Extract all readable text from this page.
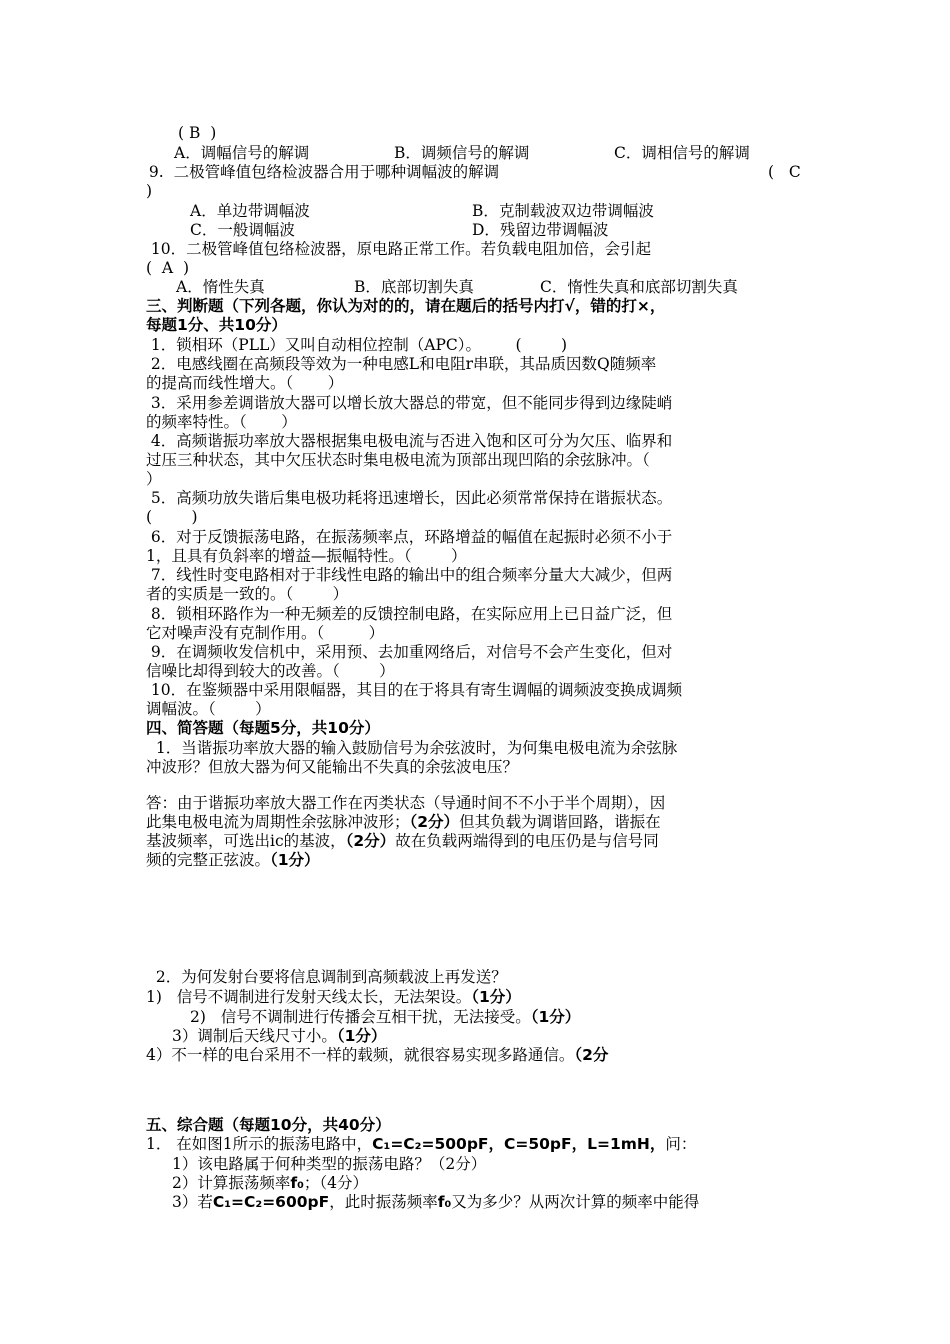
( B  )
A．调幅信号的解调	B．调频信号的解调	C．调相信号的解调
9.  二极管峰值包络检波器合用于哪种调幅波的解调	(   C
)
A．单边带调幅波	B．克制载波双边带调幅波
C．一般调幅波	D．残留边带调幅波
10．二极管峰值包络检波器，原电路正常工作。若负载电阻加倍，会引起
(  A  )
A．惰性失真	B．底部切割失真	C．惰性失真和底部切割失真
三、判断题（下列各题，你认为对的的，请在题后的括号内打√，错的打×，
每题1分、共10分）
1．锁相环（PLL）又叫自动相位控制（APC）。       (        )
2．电感线圈在高频段等效为一种电感L和电阻r串联，其品质因数Q随频率
的提高而线性增大。（       ）
3．采用参差调谐放大器可以增长放大器总的带宽，但不能同步得到边缘陡峭
的频率特性。（       ）
4．高频谐振功率放大器根据集电极电流与否进入饱和区可分为欠压、临界和
过压三种状态，其中欠压状态时集电极电流为顶部出现凹陷的余弦脉冲。（
）
5．高频功放失谐后集电极功耗将迅速增长，因此必须常常保持在谐振状态。
(        )
6．对于反馈振荡电路，在振荡频率点，环路增益的幅值在起振时必须不小于
1，且具有负斜率的增益—振幅特性。（        ）
7．线性时变电路相对于非线性电路的输出中的组合频率分量大大减少，但两
者的实质是一致的。（        ）
8．锁相环路作为一种无频差的反馈控制电路，在实际应用上已日益广泛，但
它对噪声没有克制作用。（         ）
9．在调频收发信机中，采用预、去加重网络后，对信号不会产生变化，但对
信噪比却得到较大的改善。（        ）
10．在鉴频器中采用限幅器，其目的在于将具有寄生调幅的调频波变换成调频
调幅波。（        ）
四、简答题（每题5分，共10分）
1．当谐振功率放大器的输入鼓励信号为余弦波时，为何集电极电流为余弦脉
冲波形？但放大器为何又能输出不失真的余弦波电压？
答：由于谐振功率放大器工作在丙类状态（导通时间不不小于半个周期），因
此集电极电流为周期性余弦脉冲波形；（2分）但其负载为调谐回路，谐振在
基波频率，可选出ic的基波，（2分）故在负载两端得到的电压仍是与信号同
频的完整正弦波。（1分）
2．为何发射台要将信息调制到高频载波上再发送？
1)   信号不调制进行发射天线太长，无法架设。（1分）
2)   信号不调制进行传播会互相干扰，无法接受。（1分）
3）调制后天线尺寸小。（1分）
4）不一样的电台采用不一样的载频，就很容易实现多路通信。（2分
五、综合题（每题10分，共40分）
1． 在如图1所示的振荡电路中，C₁=C₂=500pF，C=50pF，L=1mH，问：
1）该电路属于何种类型的振荡电路？（2分）
2）计算振荡频率f₀；（4分）
3）若C₁=C₂=600pF，此时振荡频率f₀又为多少？从两次计算的频率中能得
